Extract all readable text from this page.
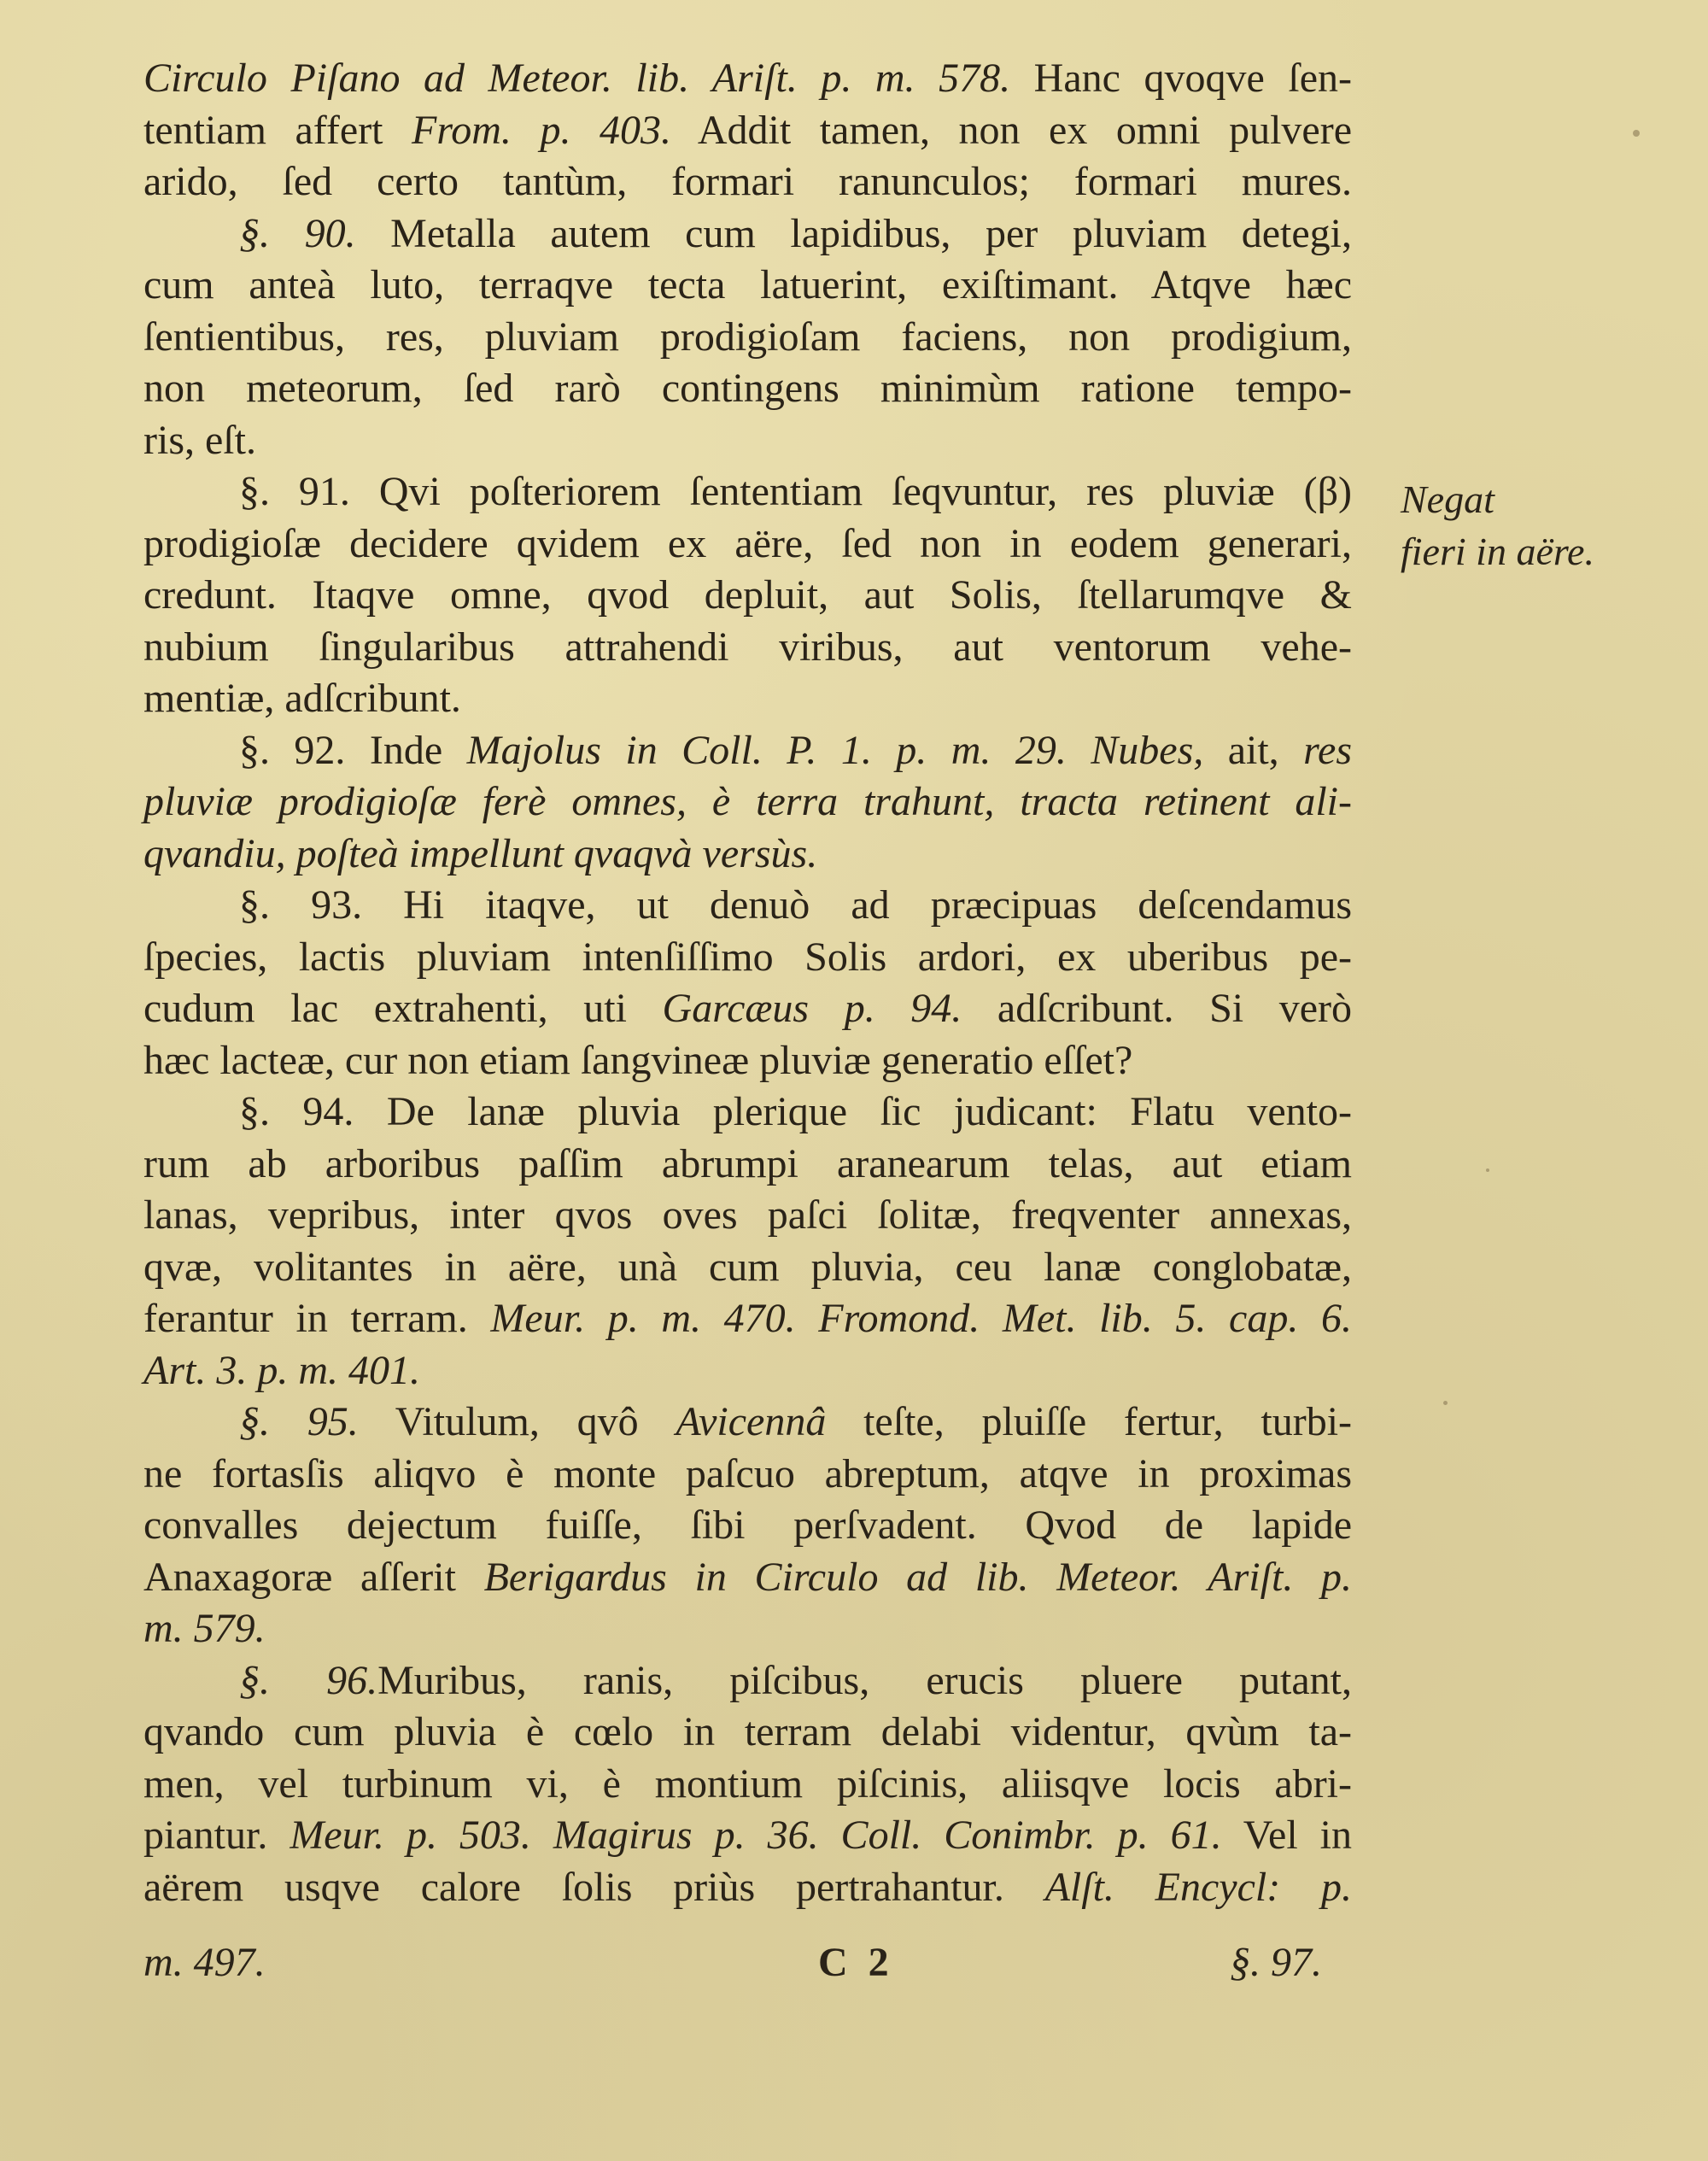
Circulo Piſano ad Meteor. lib. Ariſt. p. m. 578. Hanc qvoqve ſen-
tentiam affert From. p. 403. Addit tamen, non ex omni pulvere
arido, ſed certo tantùm, formari ranunculos; formari mures.
§. 90. Metalla autem cum lapidibus, per pluviam detegi,
cum anteà luto, terraqve tecta latuerint, exiſtimant. Atqve hæc
ſentientibus, res, pluviam prodigioſam faciens, non prodigium,
non meteorum, ſed rarò contingens minimùm ratione tempo-
ris, eſt.
§. 91. Qvi poſteriorem ſententiam ſeqvuntur, res pluviæ (β)
prodigioſæ decidere qvidem ex aëre, ſed non in eodem generari,
credunt. Itaqve omne, qvod depluit, aut Solis, ſtellarumqve &
nubium ſingularibus attrahendi viribus, aut ventorum vehe-
mentiæ, adſcribunt.
§. 92. Inde Majolus in Coll. P. 1. p. m. 29. Nubes, ait, res
pluviæ prodigioſæ ferè omnes, è terra trahunt, tracta retinent ali-
qvandiu, poſteà impellunt qvaqvà versùs.
§. 93. Hi itaqve, ut denuò ad præcipuas deſcendamus
ſpecies, lactis pluviam intenſiſſimo Solis ardori, ex uberibus pe-
cudum lac extrahenti, uti Garcæus p. 94. adſcribunt. Si verò
hæc lacteæ, cur non etiam ſangvineæ pluviæ generatio eſſet?
§. 94. De lanæ pluvia plerique ſic judicant: Flatu vento-
rum ab arboribus paſſim abrumpi aranearum telas, aut etiam
lanas, vepribus, inter qvos oves paſci ſolitæ, freqventer annexas,
qvæ, volitantes in aëre, unà cum pluvia, ceu lanæ conglobatæ,
ferantur in terram. Meur. p. m. 470. Fromond. Met. lib. 5. cap. 6.
Art. 3. p. m. 401.
§. 95. Vitulum, qvô Avicennâ teſte, pluiſſe fertur, turbi-
ne fortasſis aliqvo è monte paſcuo abreptum, atqve in proximas
convalles dejectum fuiſſe, ſibi perſvadent. Qvod de lapide
Anaxagoræ aſſerit Berigardus in Circulo ad lib. Meteor. Ariſt. p.
m. 579.
§. 96.Muribus, ranis, piſcibus, erucis pluere putant,
qvando cum pluvia è cœlo in terram delabi videntur, qvùm ta-
men, vel turbinum vi, è montium piſcinis, aliisqve locis abri-
piantur. Meur. p. 503. Magirus p. 36. Coll. Conimbr. p. 61. Vel in
aërem usqve calore ſolis priùs pertrahantur. Alſt. Encycl: p.
Negat
fieri in aëre.
m. 497.	C 2	§. 97.
